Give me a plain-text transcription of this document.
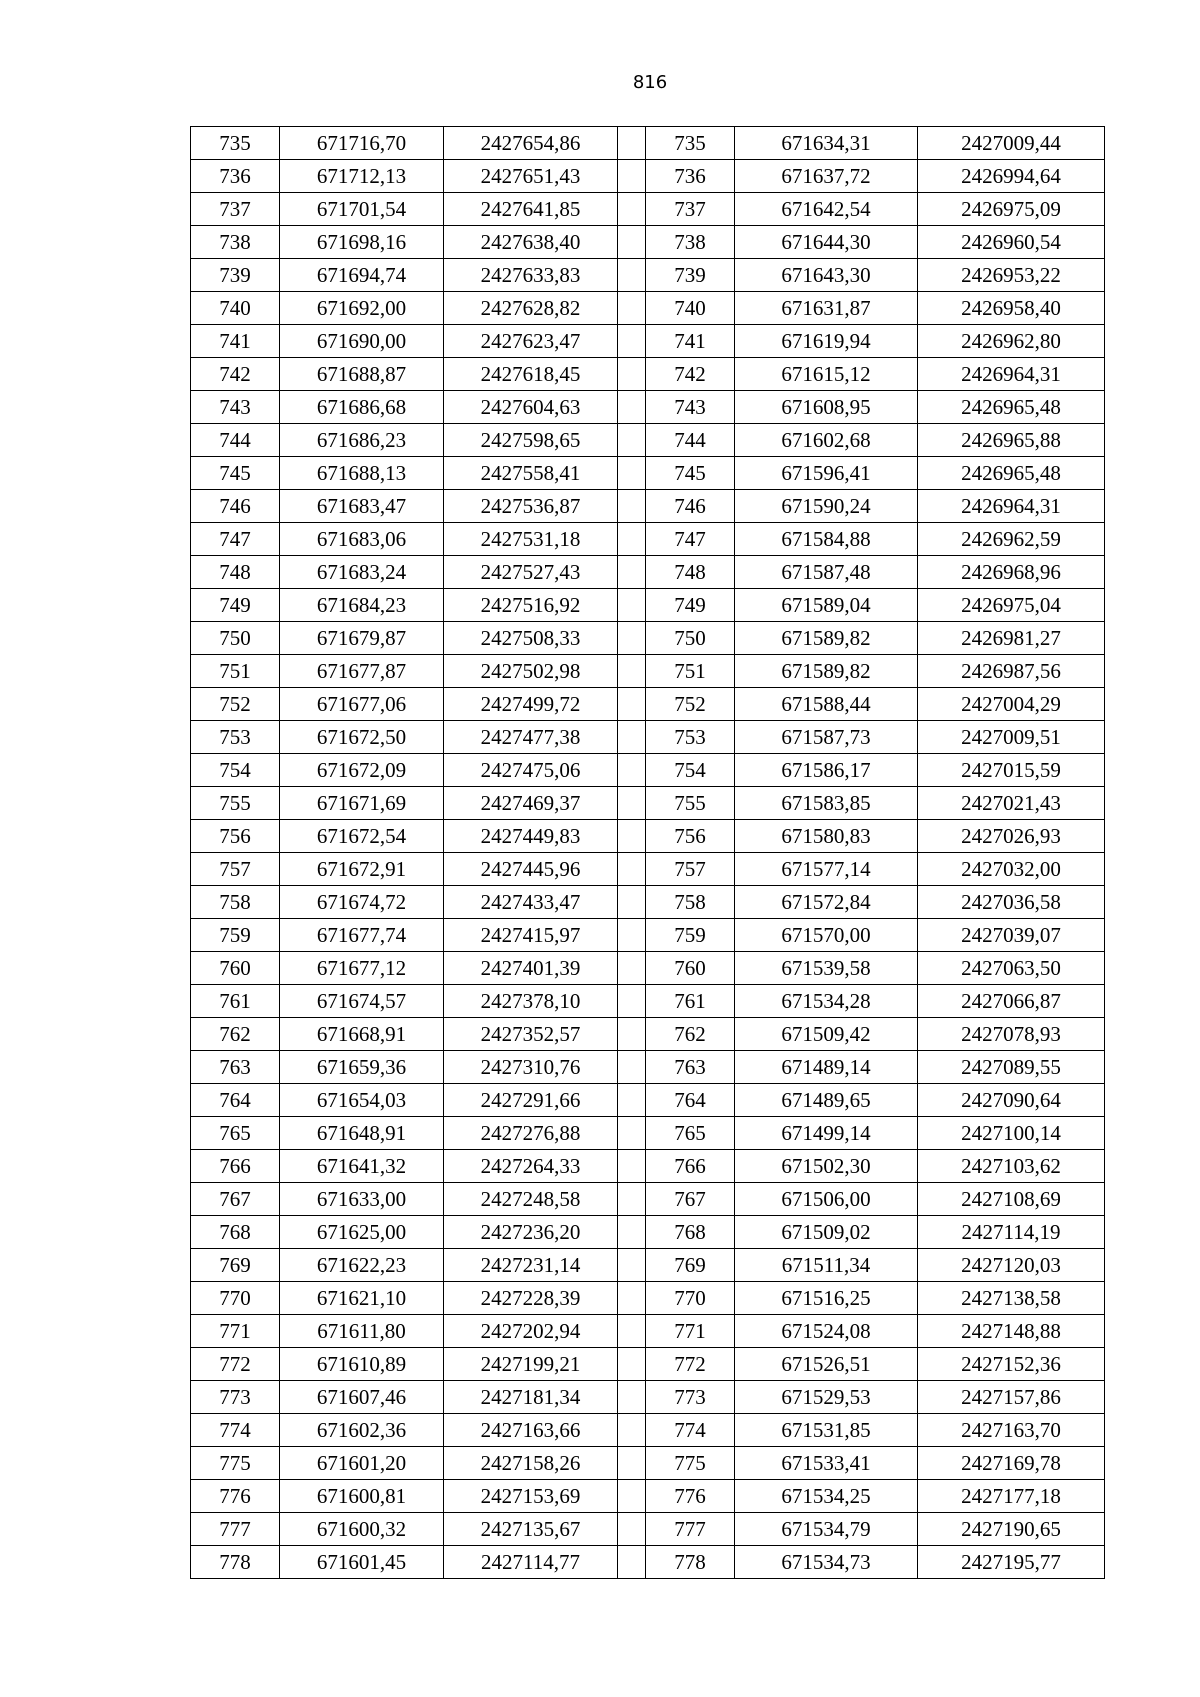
816
735	671716,70	2427654,86		735	671634,31	2427009,44
736	671712,13	2427651,43		736	671637,72	2426994,64
737	671701,54	2427641,85		737	671642,54	2426975,09
738	671698,16	2427638,40		738	671644,30	2426960,54
739	671694,74	2427633,83		739	671643,30	2426953,22
740	671692,00	2427628,82		740	671631,87	2426958,40
741	671690,00	2427623,47		741	671619,94	2426962,80
742	671688,87	2427618,45		742	671615,12	2426964,31
743	671686,68	2427604,63		743	671608,95	2426965,48
744	671686,23	2427598,65		744	671602,68	2426965,88
745	671688,13	2427558,41		745	671596,41	2426965,48
746	671683,47	2427536,87		746	671590,24	2426964,31
747	671683,06	2427531,18		747	671584,88	2426962,59
748	671683,24	2427527,43		748	671587,48	2426968,96
749	671684,23	2427516,92		749	671589,04	2426975,04
750	671679,87	2427508,33		750	671589,82	2426981,27
751	671677,87	2427502,98		751	671589,82	2426987,56
752	671677,06	2427499,72		752	671588,44	2427004,29
753	671672,50	2427477,38		753	671587,73	2427009,51
754	671672,09	2427475,06		754	671586,17	2427015,59
755	671671,69	2427469,37		755	671583,85	2427021,43
756	671672,54	2427449,83		756	671580,83	2427026,93
757	671672,91	2427445,96		757	671577,14	2427032,00
758	671674,72	2427433,47		758	671572,84	2427036,58
759	671677,74	2427415,97		759	671570,00	2427039,07
760	671677,12	2427401,39		760	671539,58	2427063,50
761	671674,57	2427378,10		761	671534,28	2427066,87
762	671668,91	2427352,57		762	671509,42	2427078,93
763	671659,36	2427310,76		763	671489,14	2427089,55
764	671654,03	2427291,66		764	671489,65	2427090,64
765	671648,91	2427276,88		765	671499,14	2427100,14
766	671641,32	2427264,33		766	671502,30	2427103,62
767	671633,00	2427248,58		767	671506,00	2427108,69
768	671625,00	2427236,20		768	671509,02	2427114,19
769	671622,23	2427231,14		769	671511,34	2427120,03
770	671621,10	2427228,39		770	671516,25	2427138,58
771	671611,80	2427202,94		771	671524,08	2427148,88
772	671610,89	2427199,21		772	671526,51	2427152,36
773	671607,46	2427181,34		773	671529,53	2427157,86
774	671602,36	2427163,66		774	671531,85	2427163,70
775	671601,20	2427158,26		775	671533,41	2427169,78
776	671600,81	2427153,69		776	671534,25	2427177,18
777	671600,32	2427135,67		777	671534,79	2427190,65
778	671601,45	2427114,77		778	671534,73	2427195,77
